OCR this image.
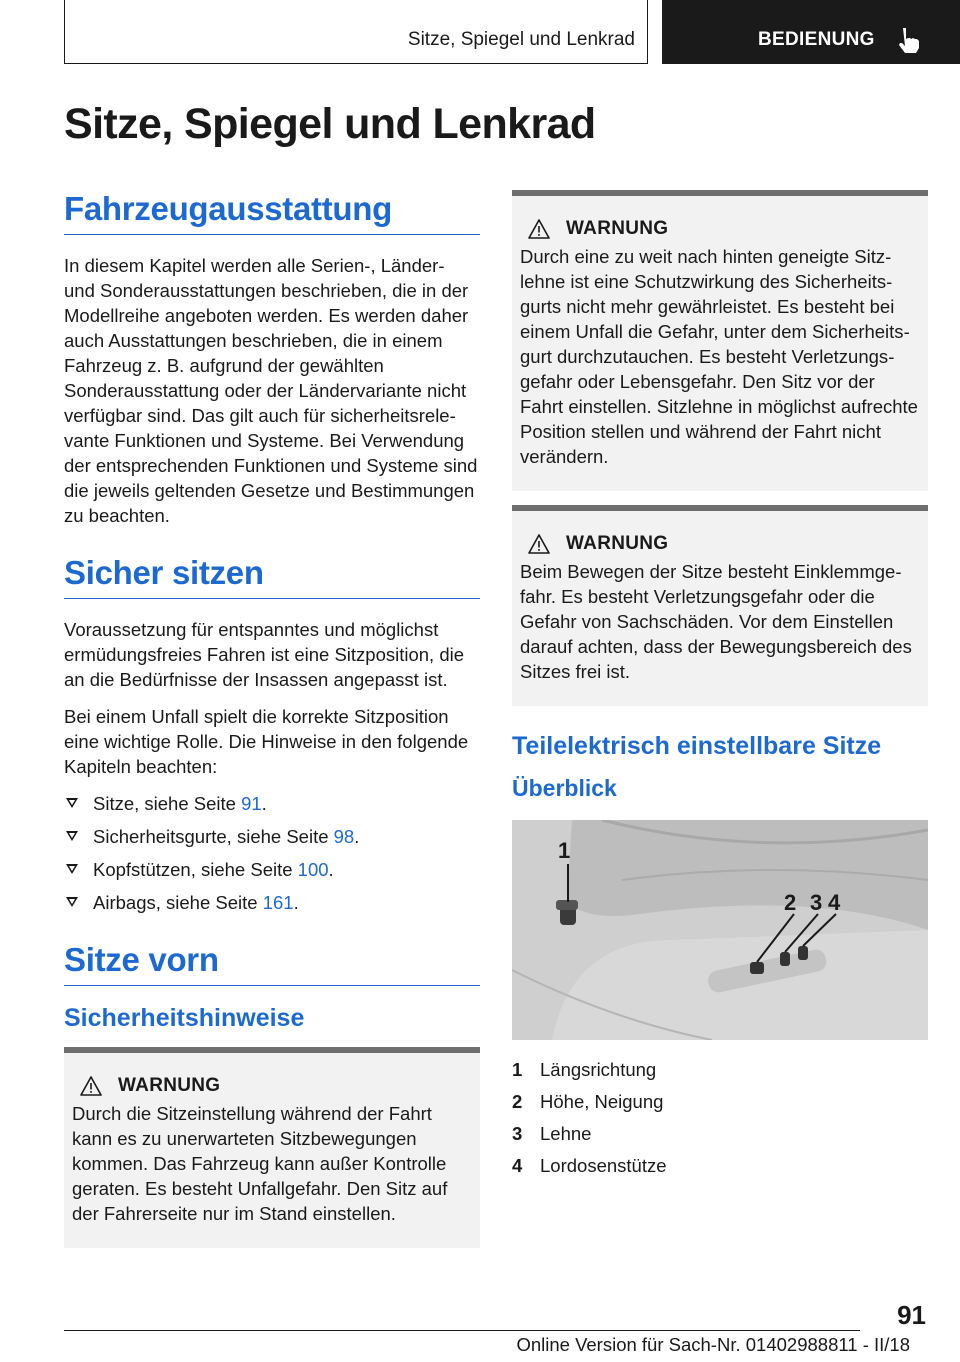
Sitze, Spiegel und Lenkrad	BEDIENUNG
Sitze, Spiegel und Lenkrad
Fahrzeugausstattung

In diesem Kapitel werden alle Serien-, Länder- und Sonderausstattungen beschrieben, die in der Modellreihe angeboten werden. Es werden daher auch Ausstattungen beschrieben, die in einem Fahrzeug z. B. aufgrund der gewählten Sonderausstattung oder der Ländervariante nicht verfügbar sind. Das gilt auch für sicherheitsrelevante Funktionen und Systeme. Bei Verwendung der entsprechenden Funktionen und Systeme sind die jeweils geltenden Gesetze und Bestimmungen zu beachten.

Sicher sitzen

Voraussetzung für entspanntes und möglichst ermüdungsfreies Fahren ist eine Sitzposition, die an die Bedürfnisse der Insassen angepasst ist.

Bei einem Unfall spielt die korrekte Sitzposition eine wichtige Rolle. Die Hinweise in den folgende Kapiteln beachten:

Sitze, siehe Seite 91.
Sicherheitsgurte, siehe Seite 98.
Kopfstützen, siehe Seite 100.
Airbags, siehe Seite 161.
Sitze vorn
Sicherheitshinweise
WARNUNG

Durch die Sitzeinstellung während der Fahrt kann es zu unerwarteten Sitzbewegungen kommen. Das Fahrzeug kann außer Kontrolle geraten. Es besteht Unfallgefahr. Den Sitz auf der Fahrerseite nur im Stand einstellen.

WARNUNG

Durch eine zu weit nach hinten geneigte Sitzlehne ist eine Schutzwirkung des Sicherheitsgurts nicht mehr gewährleistet. Es besteht bei einem Unfall die Gefahr, unter dem Sicherheitsgurt durchzutauchen. Es besteht Verletzungsgefahr oder Lebensgefahr. Den Sitz vor der Fahrt einstellen. Sitzlehne in möglichst aufrechte Position stellen und während der Fahrt nicht verändern.

WARNUNG

Beim Bewegen der Sitze besteht Einklemmgefahr. Es besteht Verletzungsgefahr oder die Gefahr von Sachschäden. Vor dem Einstellen darauf achten, dass der Bewegungsbereich des Sitzes frei ist.

Teilelektrisch einstellbare Sitze
Überblick
1
2 3 4
1 Längsrichtung
2 Höhe, Neigung
3 Lehne
4 Lordosenstütze
91
Online Version für Sach-Nr. 01402988811 - II/18
